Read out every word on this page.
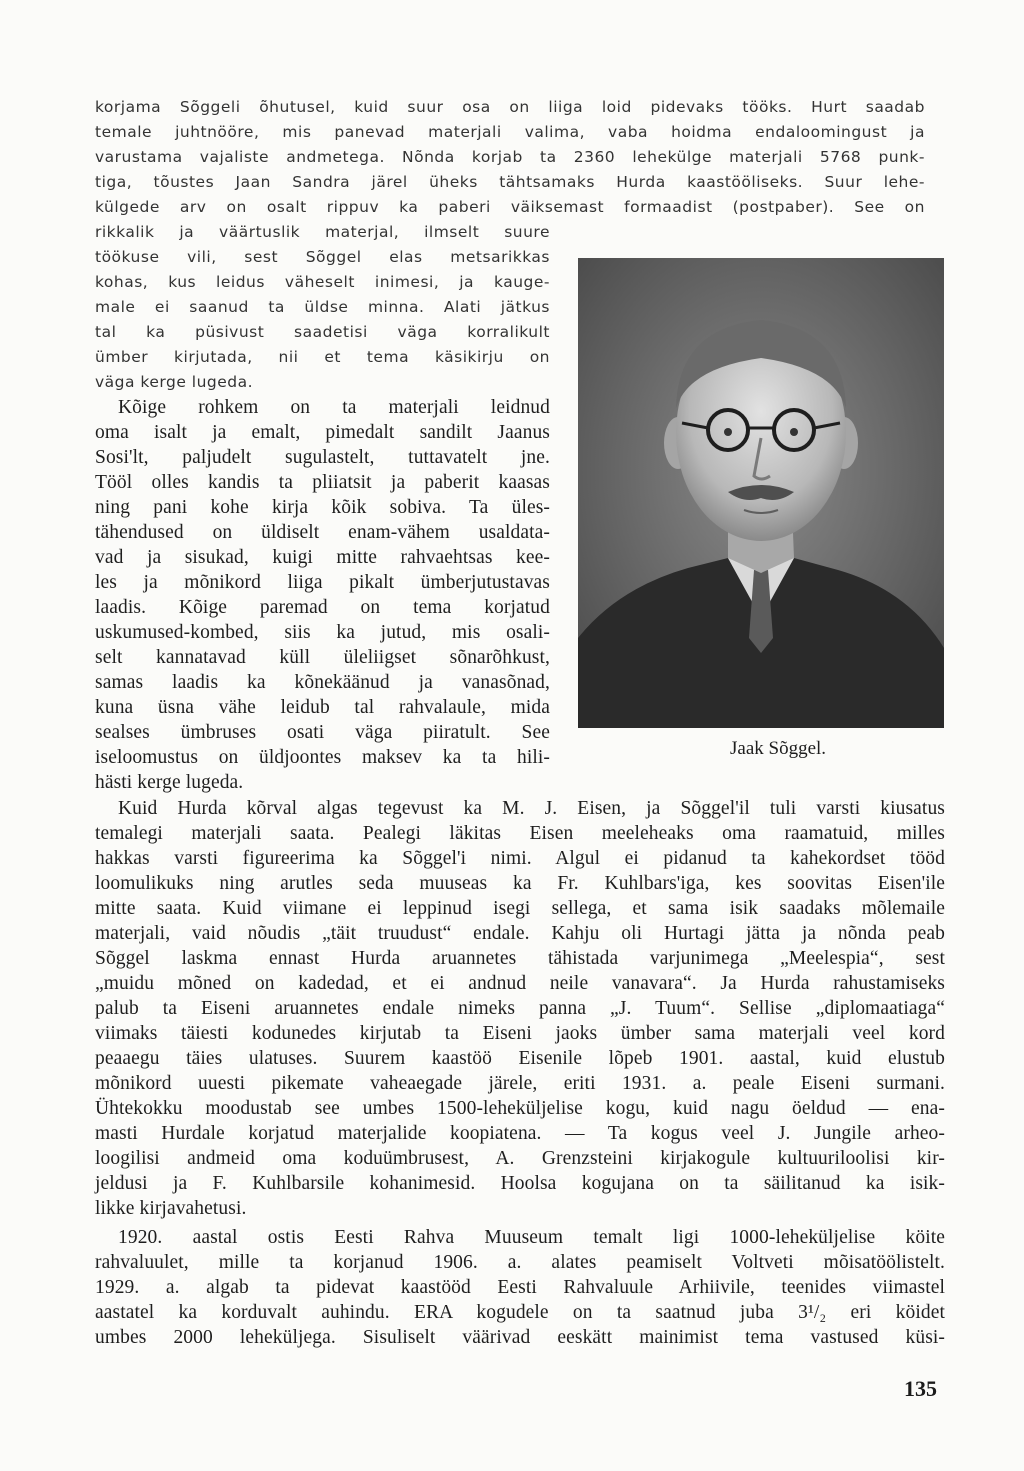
korjama Sõggeli õhutusel, kuid suur osa on liiga loid pidevaks tööks. Hurt saadab

temale juhtnööre, mis panevad materjali valima, vaba hoidma endaloomingust ja

varustama vajaliste andmetega. Nõnda korjab ta 2360 lehekülge materjali 5768 punk-

tiga, tõustes Jaan Sandra järel üheks tähtsamaks Hurda kaastööliseks. Suur lehe-

külgede arv on osalt rippuv ka paberi väiksemast formaadist (postpaber). See on

rikkalik ja väärtuslik materjal, ilmselt suure

töökuse vili, sest Sõggel elas metsarikkas

kohas, kus leidus väheselt inimesi, ja kauge-

male ei saanud ta üldse minna. Alati jätkus

tal ka püsivust saadetisi väga korralikult

ümber kirjutada, nii et tema käsikirju on

väga kerge lugeda.

Kõige rohkem on ta materjali leidnud

oma isalt ja emalt, pimedalt sandilt Jaanus

Sosi'lt, paljudelt sugulastelt, tuttavatelt jne.

Tööl olles kandis ta pliiatsit ja paberit kaasas

ning pani kohe kirja kõik sobiva. Ta üles-

tähendused on üldiselt enam-vähem usaldata-

vad ja sisukad, kuigi mitte rahvaehtsas kee-

les ja mõnikord liiga pikalt ümberjutustavas

laadis. Kõige paremad on tema korjatud

uskumused-kombed, siis ka jutud, mis osali-

selt kannatavad küll üleliigset sõnarõhkust,

samas laadis ka kõnekäänud ja vanasõnad,

kuna üsna vähe leidub tal rahvalaule, mida

sealses ümbruses osati väga piiratult. See

iseloomustus on üldjoontes maksev ka ta hili-

hästi kerge lugeda.

Jaak Sõggel.

Kuid Hurda kõrval algas tegevust ka M. J. Eisen, ja Sõggel'il tuli varsti kiusatus

temalegi materjali saata. Pealegi läkitas Eisen meeleheaks oma raamatuid, milles

hakkas varsti figureerima ka Sõggel'i nimi. Algul ei pidanud ta kahekordset tööd

loomulikuks ning arutles seda muuseas ka Fr. Kuhlbars'iga, kes soovitas Eisen'ile

mitte saata. Kuid viimane ei leppinud isegi sellega, et sama isik saadaks mõlemaile

materjali, vaid nõudis „täit truudust“ endale. Kahju oli Hurtagi jätta ja nõnda peab

Sõggel laskma ennast Hurda aruannetes tähistada varjunimega „Meelespia“, sest

„muidu mõned on kadedad, et ei andnud neile vanavara“. Ja Hurda rahustamiseks

palub ta Eiseni aruannetes endale nimeks panna „J. Tuum“. Sellise „diplomaatiaga“

viimaks täiesti kodunedes kirjutab ta Eiseni jaoks ümber sama materjali veel kord

peaaegu täies ulatuses. Suurem kaastöö Eisenile lõpeb 1901. aastal, kuid elustub

mõnikord uuesti pikemate vaheaegade järele, eriti 1931. a. peale Eiseni surmani.

Ühtekokku moodustab see umbes 1500-leheküljelise kogu, kuid nagu öeldud — ena-

masti Hurdale korjatud materjalide koopiatena. — Ta kogus veel J. Jungile arheo-

loogilisi andmeid oma koduümbrusest, A. Grenzsteini kirjakogule kultuuriloolisi kir-

jeldusi ja F. Kuhlbarsile kohanimesid. Hoolsa kogujana on ta säilitanud ka isik-

likke kirjavahetusi.

1920. aastal ostis Eesti Rahva Muuseum temalt ligi 1000-leheküljelise köite

rahvaluulet, mille ta korjanud 1906. a. alates peamiselt Voltveti mõisatöölistelt.

1929. a. algab ta pidevat kaastööd Eesti Rahvaluule Arhiivile, teenides viimastel

aastatel ka korduvalt auhindu. ERA kogudele on ta saatnud juba 3¹/₂ eri köidet

umbes 2000 leheküljega. Sisuliselt väärivad eeskätt mainimist tema vastused küsi-

135
